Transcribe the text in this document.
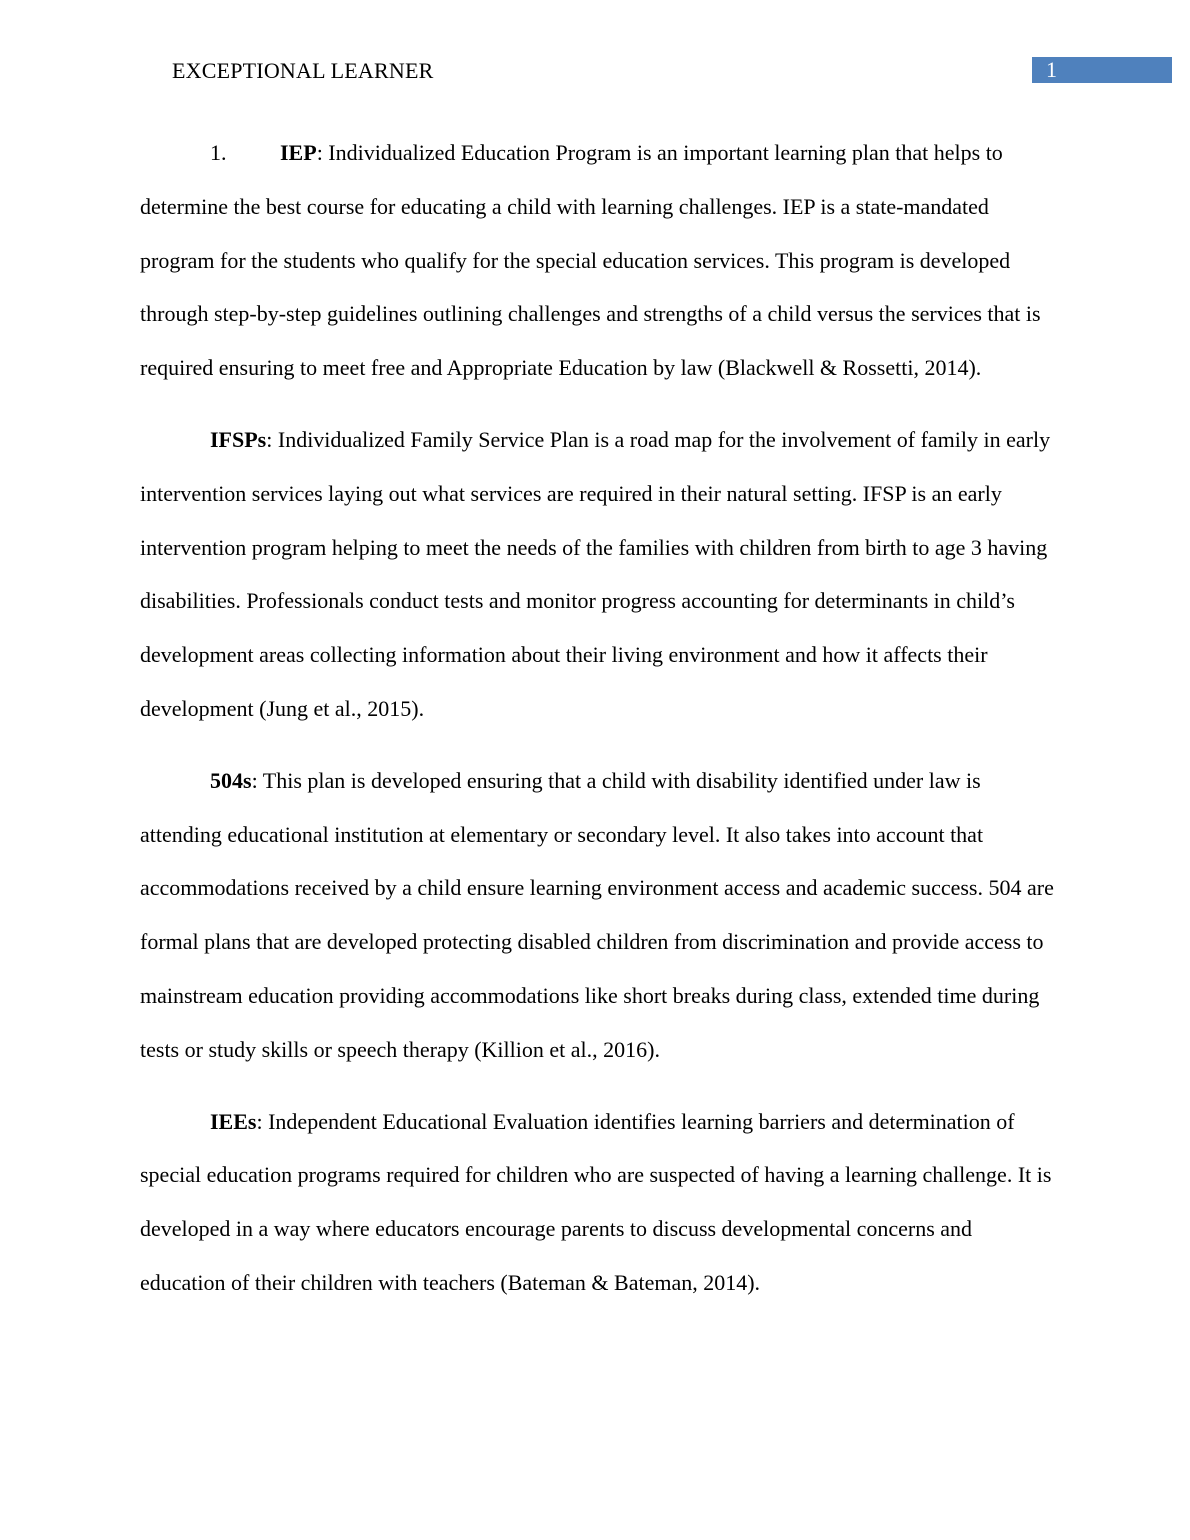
EXCEPTIONAL LEARNER	1

1. IEP: Individualized Education Program is an important learning plan that helps to determine the best course for educating a child with learning challenges. IEP is a state-mandated program for the students who qualify for the special education services. This program is developed through step-by-step guidelines outlining challenges and strengths of a child versus the services that is required ensuring to meet free and Appropriate Education by law (Blackwell & Rossetti, 2014).

IFSPs: Individualized Family Service Plan is a road map for the involvement of family in early intervention services laying out what services are required in their natural setting. IFSP is an early intervention program helping to meet the needs of the families with children from birth to age 3 having disabilities. Professionals conduct tests and monitor progress accounting for determinants in child’s development areas collecting information about their living environment and how it affects their development (Jung et al., 2015).

504s: This plan is developed ensuring that a child with disability identified under law is attending educational institution at elementary or secondary level. It also takes into account that accommodations received by a child ensure learning environment access and academic success. 504 are formal plans that are developed protecting disabled children from discrimination and provide access to mainstream education providing accommodations like short breaks during class, extended time during tests or study skills or speech therapy (Killion et al., 2016).

IEEs: Independent Educational Evaluation identifies learning barriers and determination of special education programs required for children who are suspected of having a learning challenge. It is developed in a way where educators encourage parents to discuss developmental concerns and education of their children with teachers (Bateman & Bateman, 2014).
